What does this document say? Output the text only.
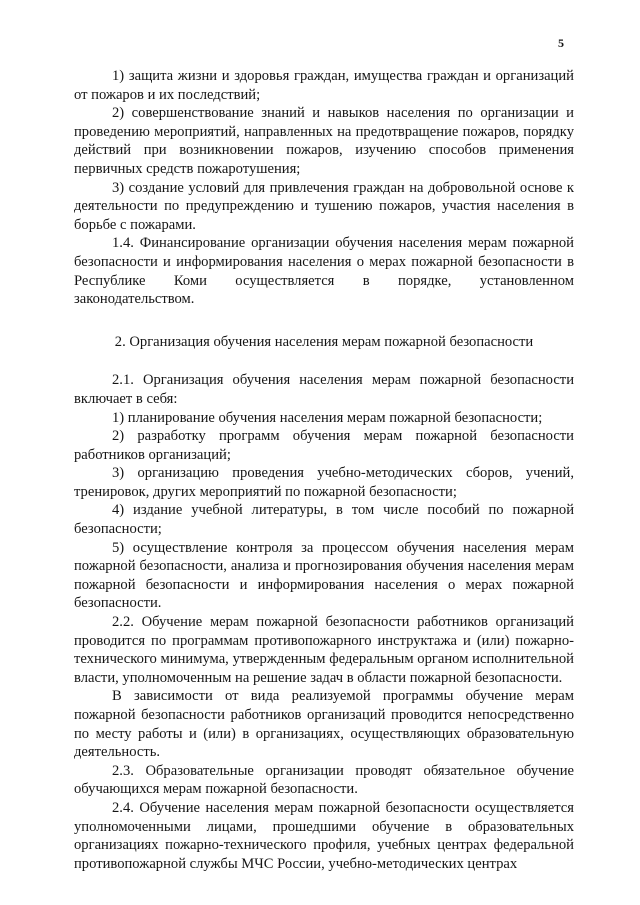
5

1) защита жизни и здоровья граждан, имущества граждан и организаций от пожаров и их последствий;

2) совершенствование знаний и навыков населения по организации и проведению мероприятий, направленных на предотвращение пожаров, порядку действий при возникновении пожаров, изучению способов применения первичных средств пожаротушения;

3) создание условий для привлечения граждан на добровольной основе к деятельности по предупреждению и тушению пожаров, участия населения в борьбе с пожарами.

1.4. Финансирование организации обучения населения мерам пожарной безопасности и информирования населения о мерах пожарной безопасности в Республике Коми осуществляется в порядке, установленном законодательством.

2. Организация обучения населения мерам пожарной безопасности

2.1. Организация обучения населения мерам пожарной безопасности включает в себя:

1) планирование обучения населения мерам пожарной безопасности;

2) разработку программ обучения мерам пожарной безопасности работников организаций;

3) организацию проведения учебно-методических сборов, учений, тренировок, других мероприятий по пожарной безопасности;

4) издание учебной литературы, в том числе пособий по пожарной безопасности;

5) осуществление контроля за процессом обучения населения мерам пожарной безопасности, анализа и прогнозирования обучения населения мерам пожарной безопасности и информирования населения о мерах пожарной безопасности.

2.2. Обучение мерам пожарной безопасности работников организаций проводится по программам противопожарного инструктажа и (или) пожарно-технического минимума, утвержденным федеральным органом исполнительной власти, уполномоченным на решение задач в области пожарной безопасности.

В зависимости от вида реализуемой программы обучение мерам пожарной безопасности работников организаций проводится непосредственно по месту работы и (или) в организациях, осуществляющих образовательную деятельность.

2.3. Образовательные организации проводят обязательное обучение обучающихся мерам пожарной безопасности.

2.4. Обучение населения мерам пожарной безопасности осуществляется уполномоченными лицами, прошедшими обучение в образовательных организациях пожарно-технического профиля, учебных центрах федеральной противопожарной службы МЧС России, учебно-методических центрах
